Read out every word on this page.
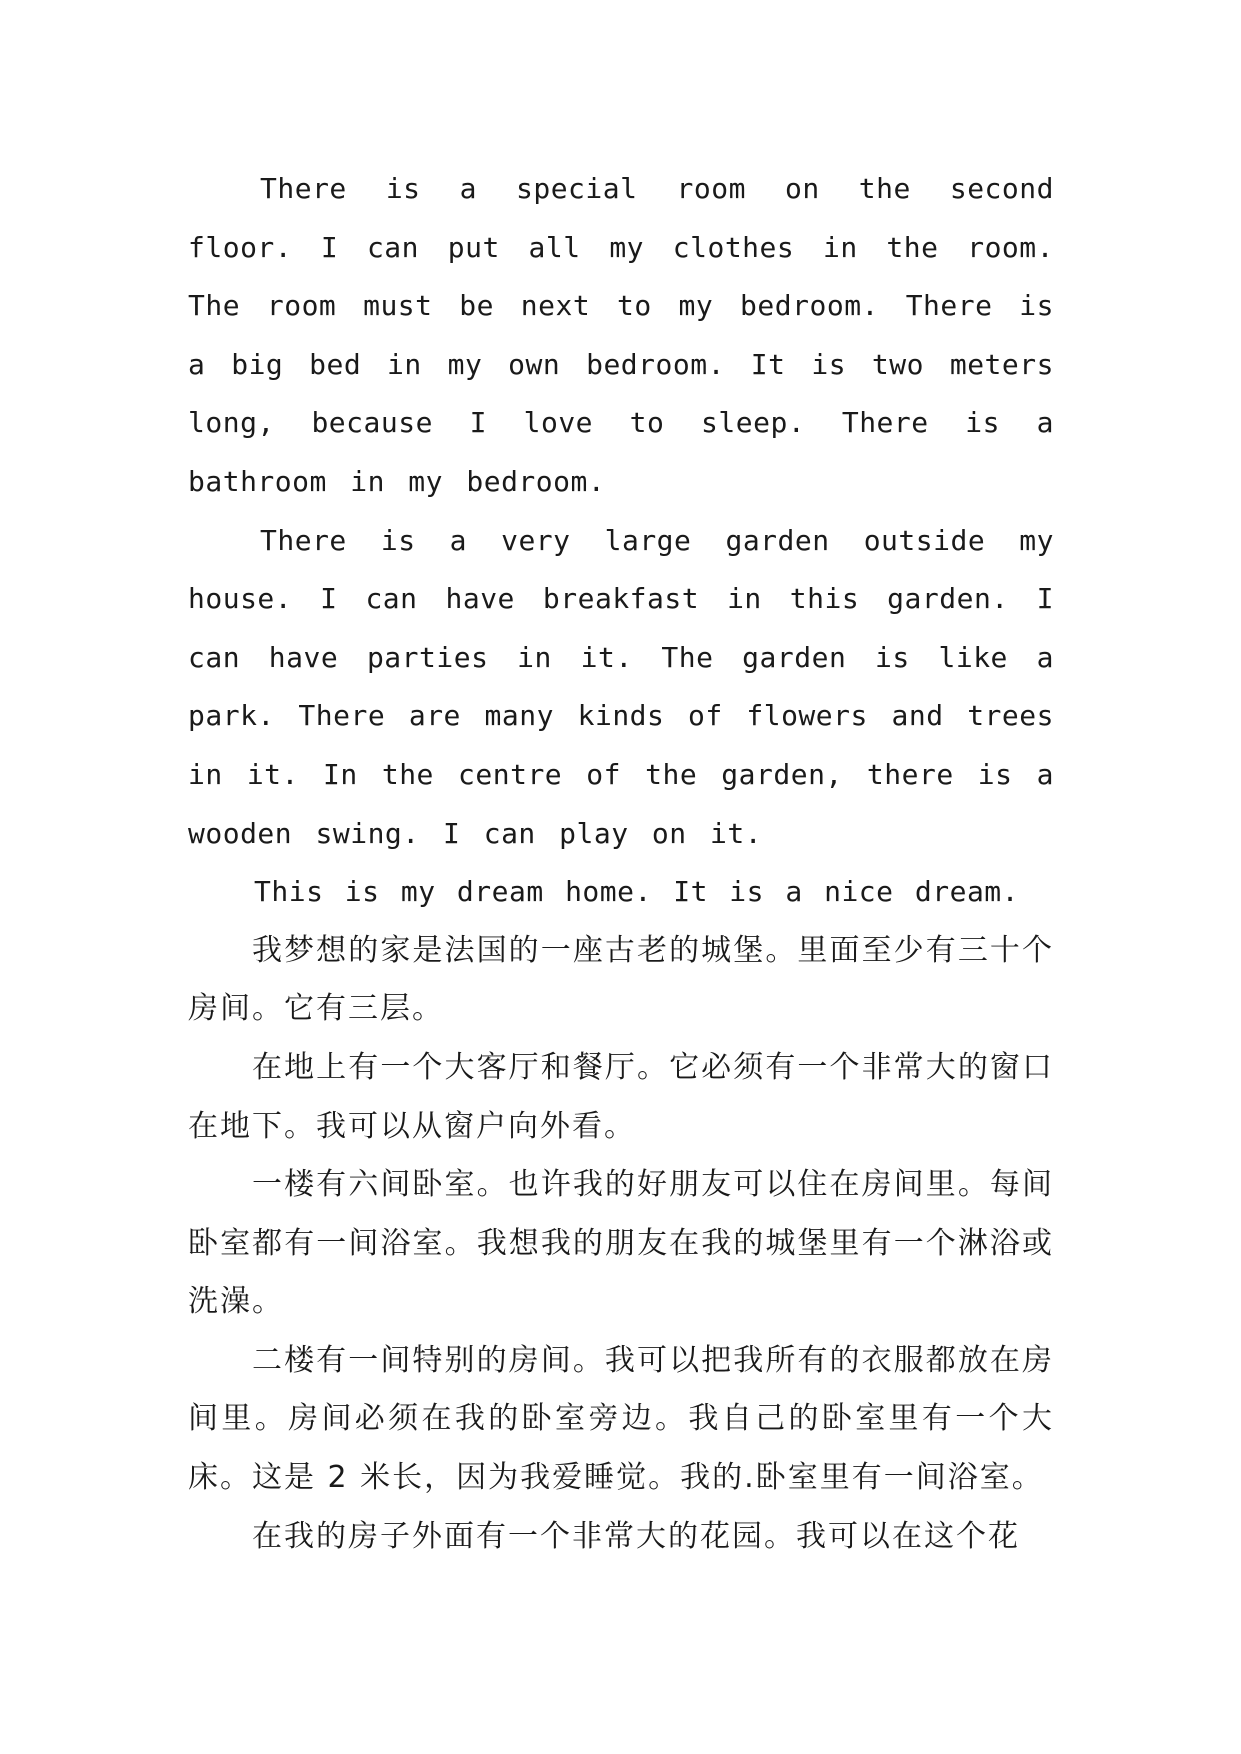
There is a special room on the second floor. I can put all my clothes in the room. The room must be next to my bedroom. There is a big bed in my own bedroom. It is two meters long, because I love to sleep. There is a bathroom in my bedroom.

There is a very large garden outside my house. I can have breakfast in this garden. I can have parties in it. The garden is like a park. There are many kinds of flowers and trees in it. In the centre of the garden, there is a wooden swing. I can play on it.

This is my dream home. It is a nice dream.

我梦想的家是法国的一座古老的城堡。里面至少有三十个房间。它有三层。

在地上有一个大客厅和餐厅。它必须有一个非常大的窗口在地下。我可以从窗户向外看。

一楼有六间卧室。也许我的好朋友可以住在房间里。每间卧室都有一间浴室。我想我的朋友在我的城堡里有一个淋浴或洗澡。

二楼有一间特别的房间。我可以把我所有的衣服都放在房间里。房间必须在我的卧室旁边。我自己的卧室里有一个大床。这是 2 米长，因为我爱睡觉。我的.卧室里有一间浴室。

在我的房子外面有一个非常大的花园。我可以在这个花
